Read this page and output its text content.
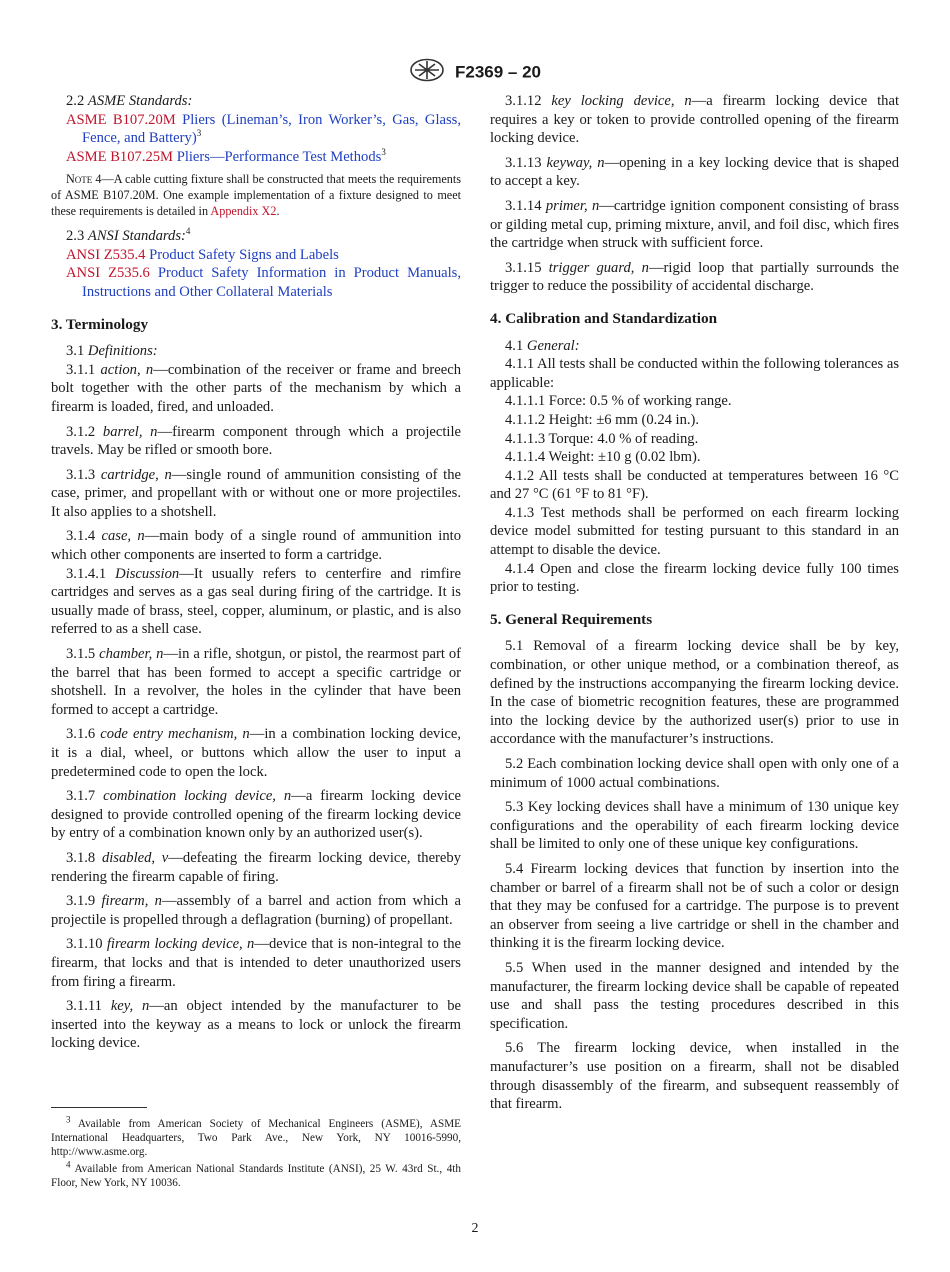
F2369 – 20

2.2 ASME Standards:

ASME B107.20M Pliers (Lineman’s, Iron Worker’s, Gas, Glass, Fence, and Battery)$^3$

ASME B107.25M Pliers—Performance Test Methods$^3$

Note 4—A cable cutting fixture shall be constructed that meets the requirements of ASME B107.20M. One example implementation of a fixture designed to meet these requirements is detailed in Appendix X2.

2.3 ANSI Standards:$^4$

ANSI Z535.4 Product Safety Signs and Labels

ANSI Z535.6 Product Safety Information in Product Manuals, Instructions and Other Collateral Materials

3. Terminology

3.1 Definitions:

3.1.1 action, n—combination of the receiver or frame and breech bolt together with the other parts of the mechanism by which a firearm is loaded, fired, and unloaded.

3.1.2 barrel, n—firearm component through which a projectile travels. May be rifled or smooth bore.

3.1.3 cartridge, n—single round of ammunition consisting of the case, primer, and propellant with or without one or more projectiles. It also applies to a shotshell.

3.1.4 case, n—main body of a single round of ammunition into which other components are inserted to form a cartridge.

3.1.4.1 Discussion—It usually refers to centerfire and rimfire cartridges and serves as a gas seal during firing of the cartridge. It is usually made of brass, steel, copper, aluminum, or plastic, and is also referred to as a shell case.

3.1.5 chamber, n—in a rifle, shotgun, or pistol, the rearmost part of the barrel that has been formed to accept a specific cartridge or shotshell. In a revolver, the holes in the cylinder that have been formed to accept a cartridge.

3.1.6 code entry mechanism, n—in a combination locking device, it is a dial, wheel, or buttons which allow the user to input a predetermined code to open the lock.

3.1.7 combination locking device, n—a firearm locking device designed to provide controlled opening of the firearm locking device by entry of a combination known only by an authorized user(s).

3.1.8 disabled, v—defeating the firearm locking device, thereby rendering the firearm capable of firing.

3.1.9 firearm, n—assembly of a barrel and action from which a projectile is propelled through a deflagration (burning) of propellant.

3.1.10 firearm locking device, n—device that is non-integral to the firearm, that locks and that is intended to deter unauthorized users from firing a firearm.

3.1.11 key, n—an object intended by the manufacturer to be inserted into the keyway as a means to lock or unlock the firearm locking device.

3.1.12 key locking device, n—a firearm locking device that requires a key or token to provide controlled opening of the firearm locking device.

3.1.13 keyway, n—opening in a key locking device that is shaped to accept a key.

3.1.14 primer, n—cartridge ignition component consisting of brass or gilding metal cup, priming mixture, anvil, and foil disc, which fires the cartridge when struck with sufficient force.

3.1.15 trigger guard, n—rigid loop that partially surrounds the trigger to reduce the possibility of accidental discharge.

4. Calibration and Standardization

4.1 General:

4.1.1 All tests shall be conducted within the following tolerances as applicable:

4.1.1.1 Force: 0.5 % of working range.

4.1.1.2 Height: ±6 mm (0.24 in.).

4.1.1.3 Torque: 4.0 % of reading.

4.1.1.4 Weight: ±10 g (0.02 lbm).

4.1.2 All tests shall be conducted at temperatures between 16 °C and 27 °C (61 °F to 81 °F).

4.1.3 Test methods shall be performed on each firearm locking device model submitted for testing pursuant to this standard in an attempt to disable the device.

4.1.4 Open and close the firearm locking device fully 100 times prior to testing.

5. General Requirements

5.1 Removal of a firearm locking device shall be by key, combination, or other unique method, or a combination thereof, as defined by the instructions accompanying the firearm locking device. In the case of biometric recognition features, these are programmed into the locking device by the authorized user(s) prior to use in accordance with the manufacturer’s instructions.

5.2 Each combination locking device shall open with only one of a minimum of 1000 actual combinations.

5.3 Key locking devices shall have a minimum of 130 unique key configurations and the operability of each firearm locking device shall be limited to only one of these unique key configurations.

5.4 Firearm locking devices that function by insertion into the chamber or barrel of a firearm shall not be of such a color or design that they may be confused for a cartridge. The purpose is to prevent an observer from seeing a live cartridge or shell in the chamber and thinking it is the firearm locking device.

5.5 When used in the manner designed and intended by the manufacturer, the firearm locking device shall be capable of repeated use and shall pass the testing procedures described in this specification.

5.6 The firearm locking device, when installed in the manufacturer’s use position on a firearm, shall not be disabled through disassembly of the firearm, and subsequent reassembly of that firearm.

$^3$ Available from American Society of Mechanical Engineers (ASME), ASME International Headquarters, Two Park Ave., New York, NY 10016-5990, http://www.asme.org.

$^4$ Available from American National Standards Institute (ANSI), 25 W. 43rd St., 4th Floor, New York, NY 10036.

2
